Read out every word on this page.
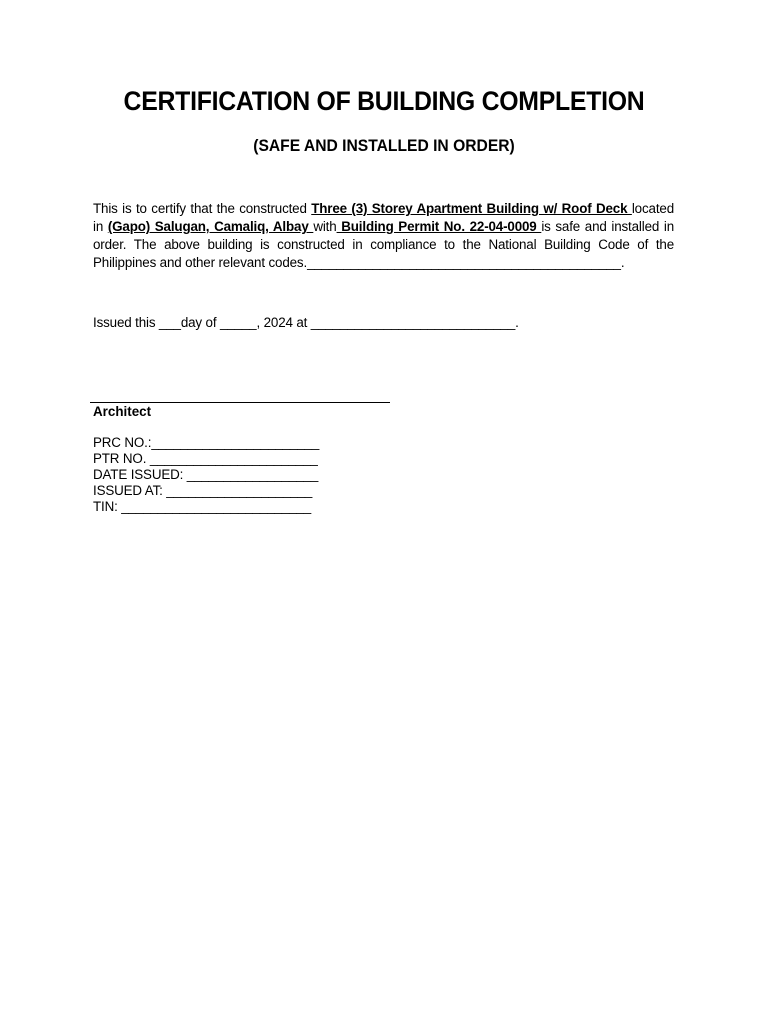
CERTIFICATION OF BUILDING COMPLETION
(SAFE AND INSTALLED IN ORDER)
This is to certify that the constructed Three (3) Storey Apartment Building w/ Roof Deck located in (Gapo) Salugan, Camaliq, Albay with Building Permit No. 22-04-0009 is safe and installed in order. The above building is constructed in compliance to the National Building Code of the Philippines and other relevant codes.___________________________________________.
Issued this ___day of _____, 2024 at ____________________________.
Architect
PRC NO.:_______________________
PTR NO. _______________________
DATE ISSUED: __________________
ISSUED AT: ____________________
TIN: __________________________
